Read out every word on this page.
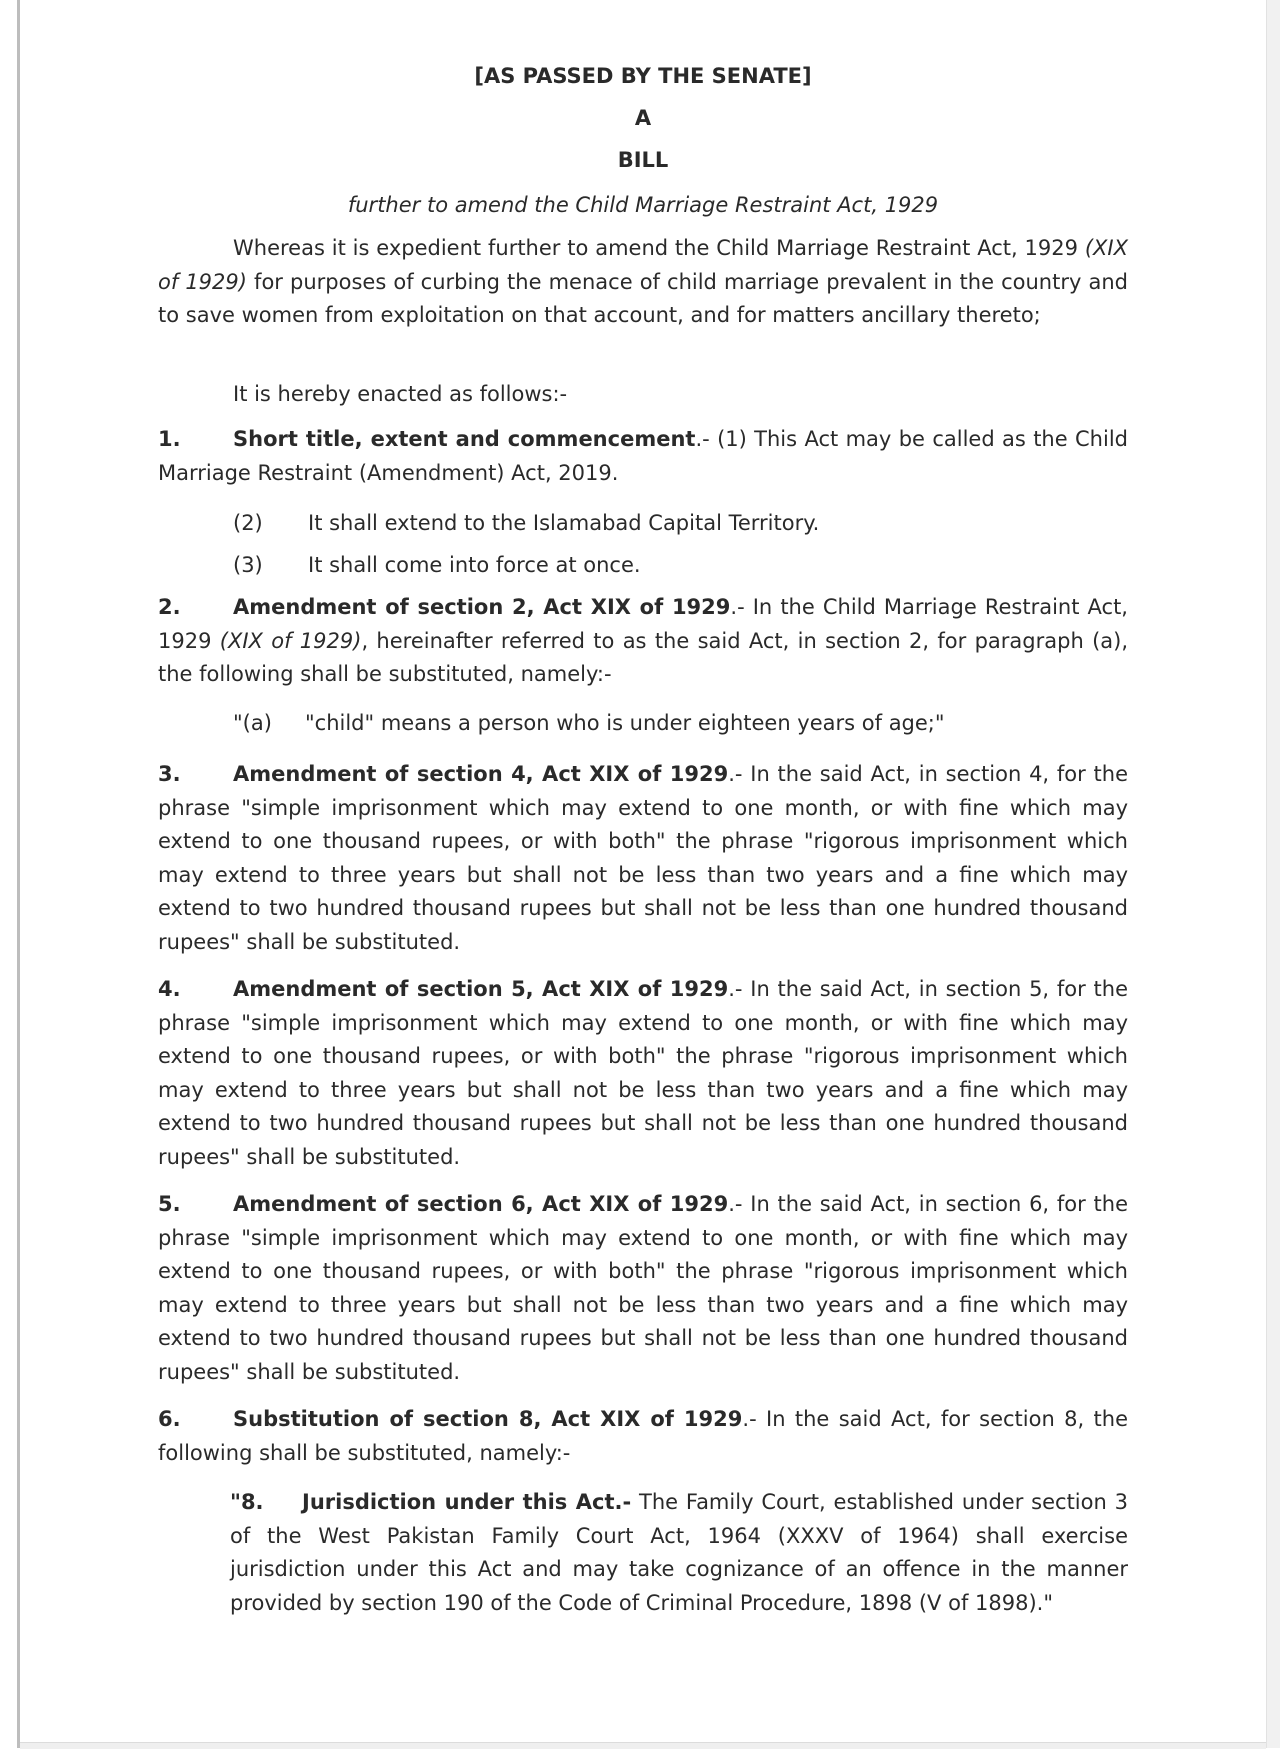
[AS PASSED BY THE SENATE]
A
BILL
further to amend the Child Marriage Restraint Act, 1929
Whereas it is expedient further to amend the Child Marriage Restraint Act, 1929 (XIX of 1929) for purposes of curbing the menace of child marriage prevalent in the country and to save women from exploitation on that account, and for matters ancillary thereto;
It is hereby enacted as follows:-
1. Short title, extent and commencement.- (1) This Act may be called as the Child Marriage Restraint (Amendment) Act, 2019.
(2) It shall extend to the Islamabad Capital Territory.
(3) It shall come into force at once.
2. Amendment of section 2, Act XIX of 1929.- In the Child Marriage Restraint Act, 1929 (XIX of 1929), hereinafter referred to as the said Act, in section 2, for paragraph (a), the following shall be substituted, namely:-
"(a) "child" means a person who is under eighteen years of age;"
3. Amendment of section 4, Act XIX of 1929.- In the said Act, in section 4, for the phrase "simple imprisonment which may extend to one month, or with fine which may extend to one thousand rupees, or with both" the phrase "rigorous imprisonment which may extend to three years but shall not be less than two years and a fine which may extend to two hundred thousand rupees but shall not be less than one hundred thousand rupees" shall be substituted.
4. Amendment of section 5, Act XIX of 1929.- In the said Act, in section 5, for the phrase "simple imprisonment which may extend to one month, or with fine which may extend to one thousand rupees, or with both" the phrase "rigorous imprisonment which may extend to three years but shall not be less than two years and a fine which may extend to two hundred thousand rupees but shall not be less than one hundred thousand rupees" shall be substituted.
5. Amendment of section 6, Act XIX of 1929.- In the said Act, in section 6, for the phrase "simple imprisonment which may extend to one month, or with fine which may extend to one thousand rupees, or with both" the phrase "rigorous imprisonment which may extend to three years but shall not be less than two years and a fine which may extend to two hundred thousand rupees but shall not be less than one hundred thousand rupees" shall be substituted.
6. Substitution of section 8, Act XIX of 1929.- In the said Act, for section 8, the following shall be substituted, namely:-
"8. Jurisdiction under this Act.- The Family Court, established under section 3 of the West Pakistan Family Court Act, 1964 (XXXV of 1964) shall exercise jurisdiction under this Act and may take cognizance of an offence in the manner provided by section 190 of the Code of Criminal Procedure, 1898 (V of 1898)."
